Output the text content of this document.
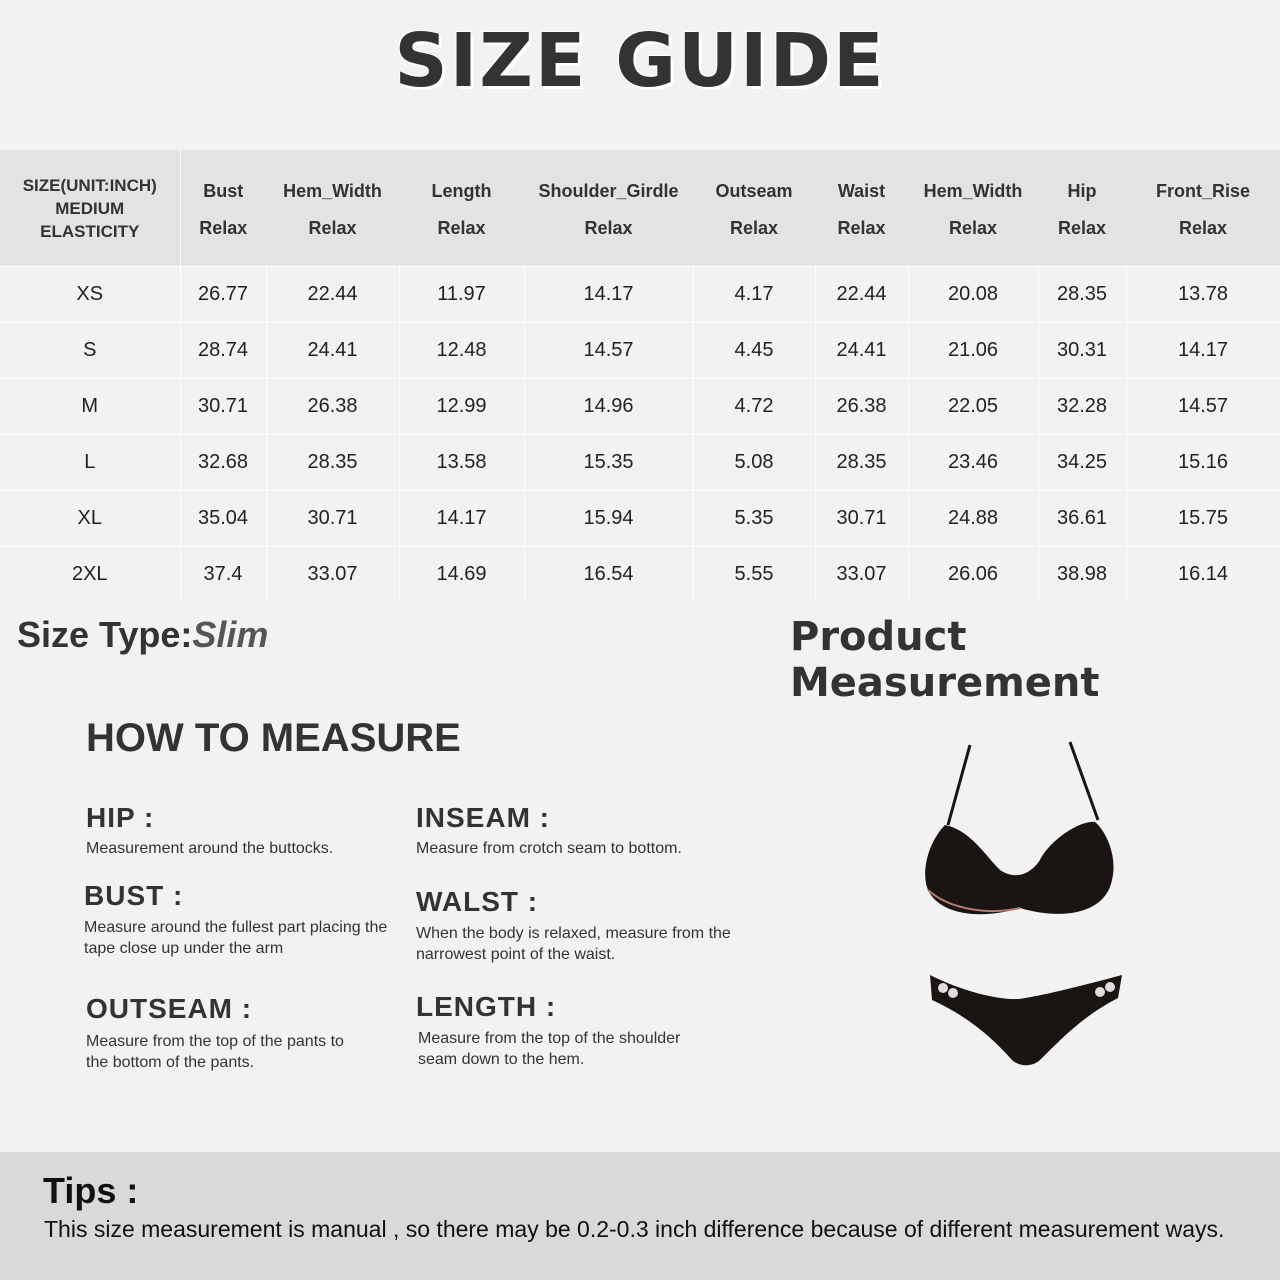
SIZE GUIDE
SIZE(UNIT:INCH)
MEDIUM
ELASTICITY	Bust	Hem_Width	Length	Shoulder_Girdle	Outseam	Waist	Hem_Width	Hip	Front_Rise
	Relax	Relax	Relax	Relax	Relax	Relax	Relax	Relax	Relax
XS	26.77	22.44	11.97	14.17	4.17	22.44	20.08	28.35	13.78
S	28.74	24.41	12.48	14.57	4.45	24.41	21.06	30.31	14.17
M	30.71	26.38	12.99	14.96	4.72	26.38	22.05	32.28	14.57
L	32.68	28.35	13.58	15.35	5.08	28.35	23.46	34.25	15.16
XL	35.04	30.71	14.17	15.94	5.35	30.71	24.88	36.61	15.75
2XL	37.4	33.07	14.69	16.54	5.55	33.07	26.06	38.98	16.14
Size Type:Slim	Product Measurement
HOW TO MEASURE
HIP :
Measurement around the buttocks.
INSEAM :
Measure from crotch seam to bottom.
BUST :
Measure around the fullest part placing the tape close up under the arm
WALST :
When the body is relaxed, measure from the narrowest point of the waist.
OUTSEAM :
Measure from the top of the pants to the bottom of the pants.
LENGTH :
Measure from the top of the shoulder seam down to the hem.
Tips :
This size measurement is manual , so there may be 0.2-0.3 inch difference because of different measurement ways.
